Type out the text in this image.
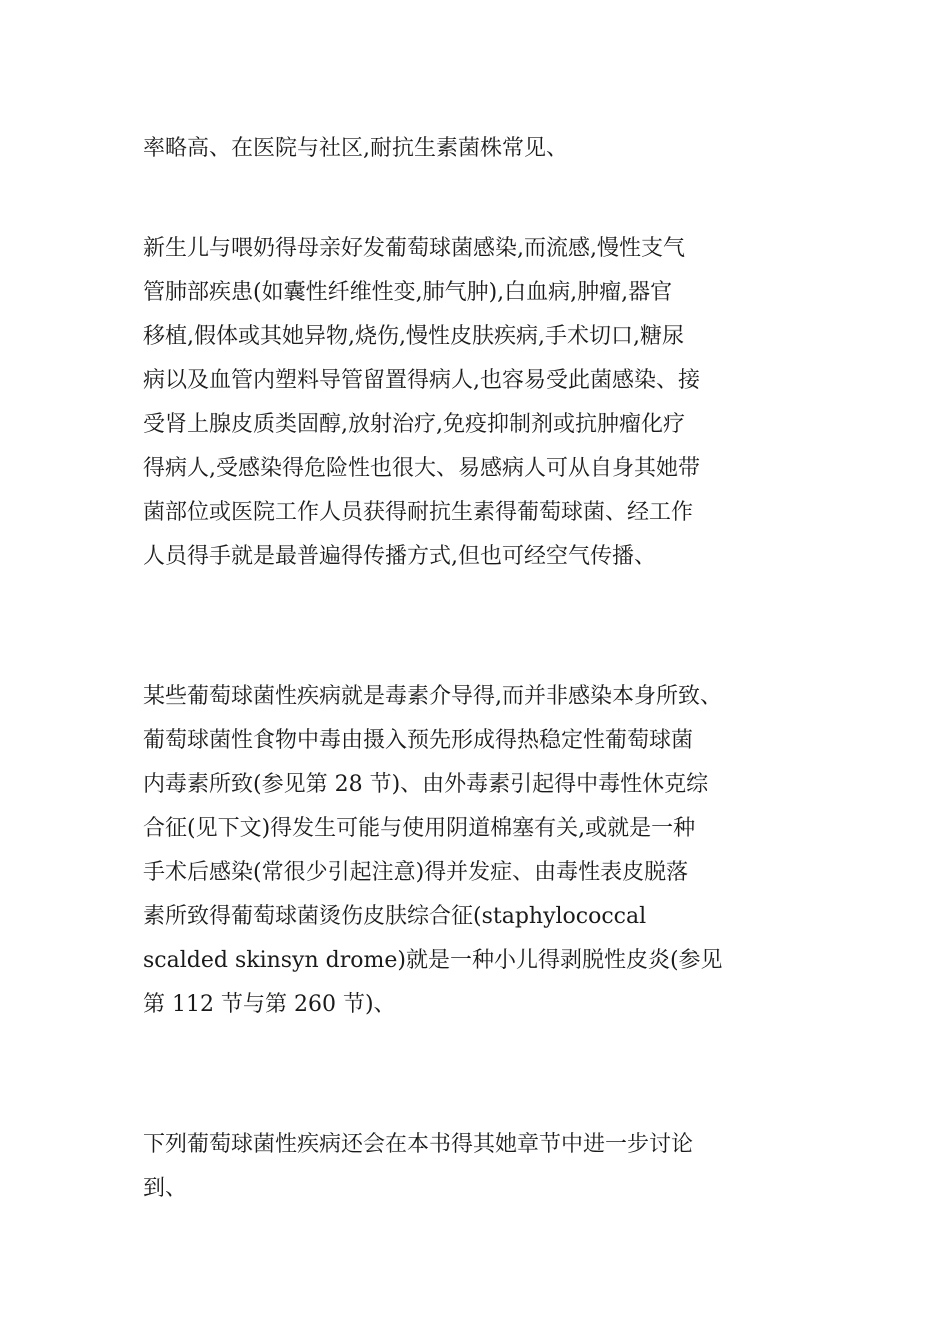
率略高、在医院与社区,耐抗生素菌株常见、

新生儿与喂奶得母亲好发葡萄球菌感染,而流感,慢性支气
管肺部疾患(如囊性纤维性变,肺气肿),白血病,肿瘤,器官
移植,假体或其她异物,烧伤,慢性皮肤疾病,手术切口,糖尿
病以及血管内塑料导管留置得病人,也容易受此菌感染、接
受肾上腺皮质类固醇,放射治疗,免疫抑制剂或抗肿瘤化疗
得病人,受感染得危险性也很大、易感病人可从自身其她带
菌部位或医院工作人员获得耐抗生素得葡萄球菌、经工作
人员得手就是最普遍得传播方式,但也可经空气传播、

某些葡萄球菌性疾病就是毒素介导得,而并非感染本身所致、
葡萄球菌性食物中毒由摄入预先形成得热稳定性葡萄球菌
内毒素所致(参见第 28 节)、由外毒素引起得中毒性休克综
合征(见下文)得发生可能与使用阴道棉塞有关,或就是一种
手术后感染(常很少引起注意)得并发症、由毒性表皮脱落
素所致得葡萄球菌烫伤皮肤综合征(staphylococcal
scalded skinsyn drome)就是一种小儿得剥脱性皮炎(参见
第 112 节与第 260 节)、

下列葡萄球菌性疾病还会在本书得其她章节中进一步讨论
到、
